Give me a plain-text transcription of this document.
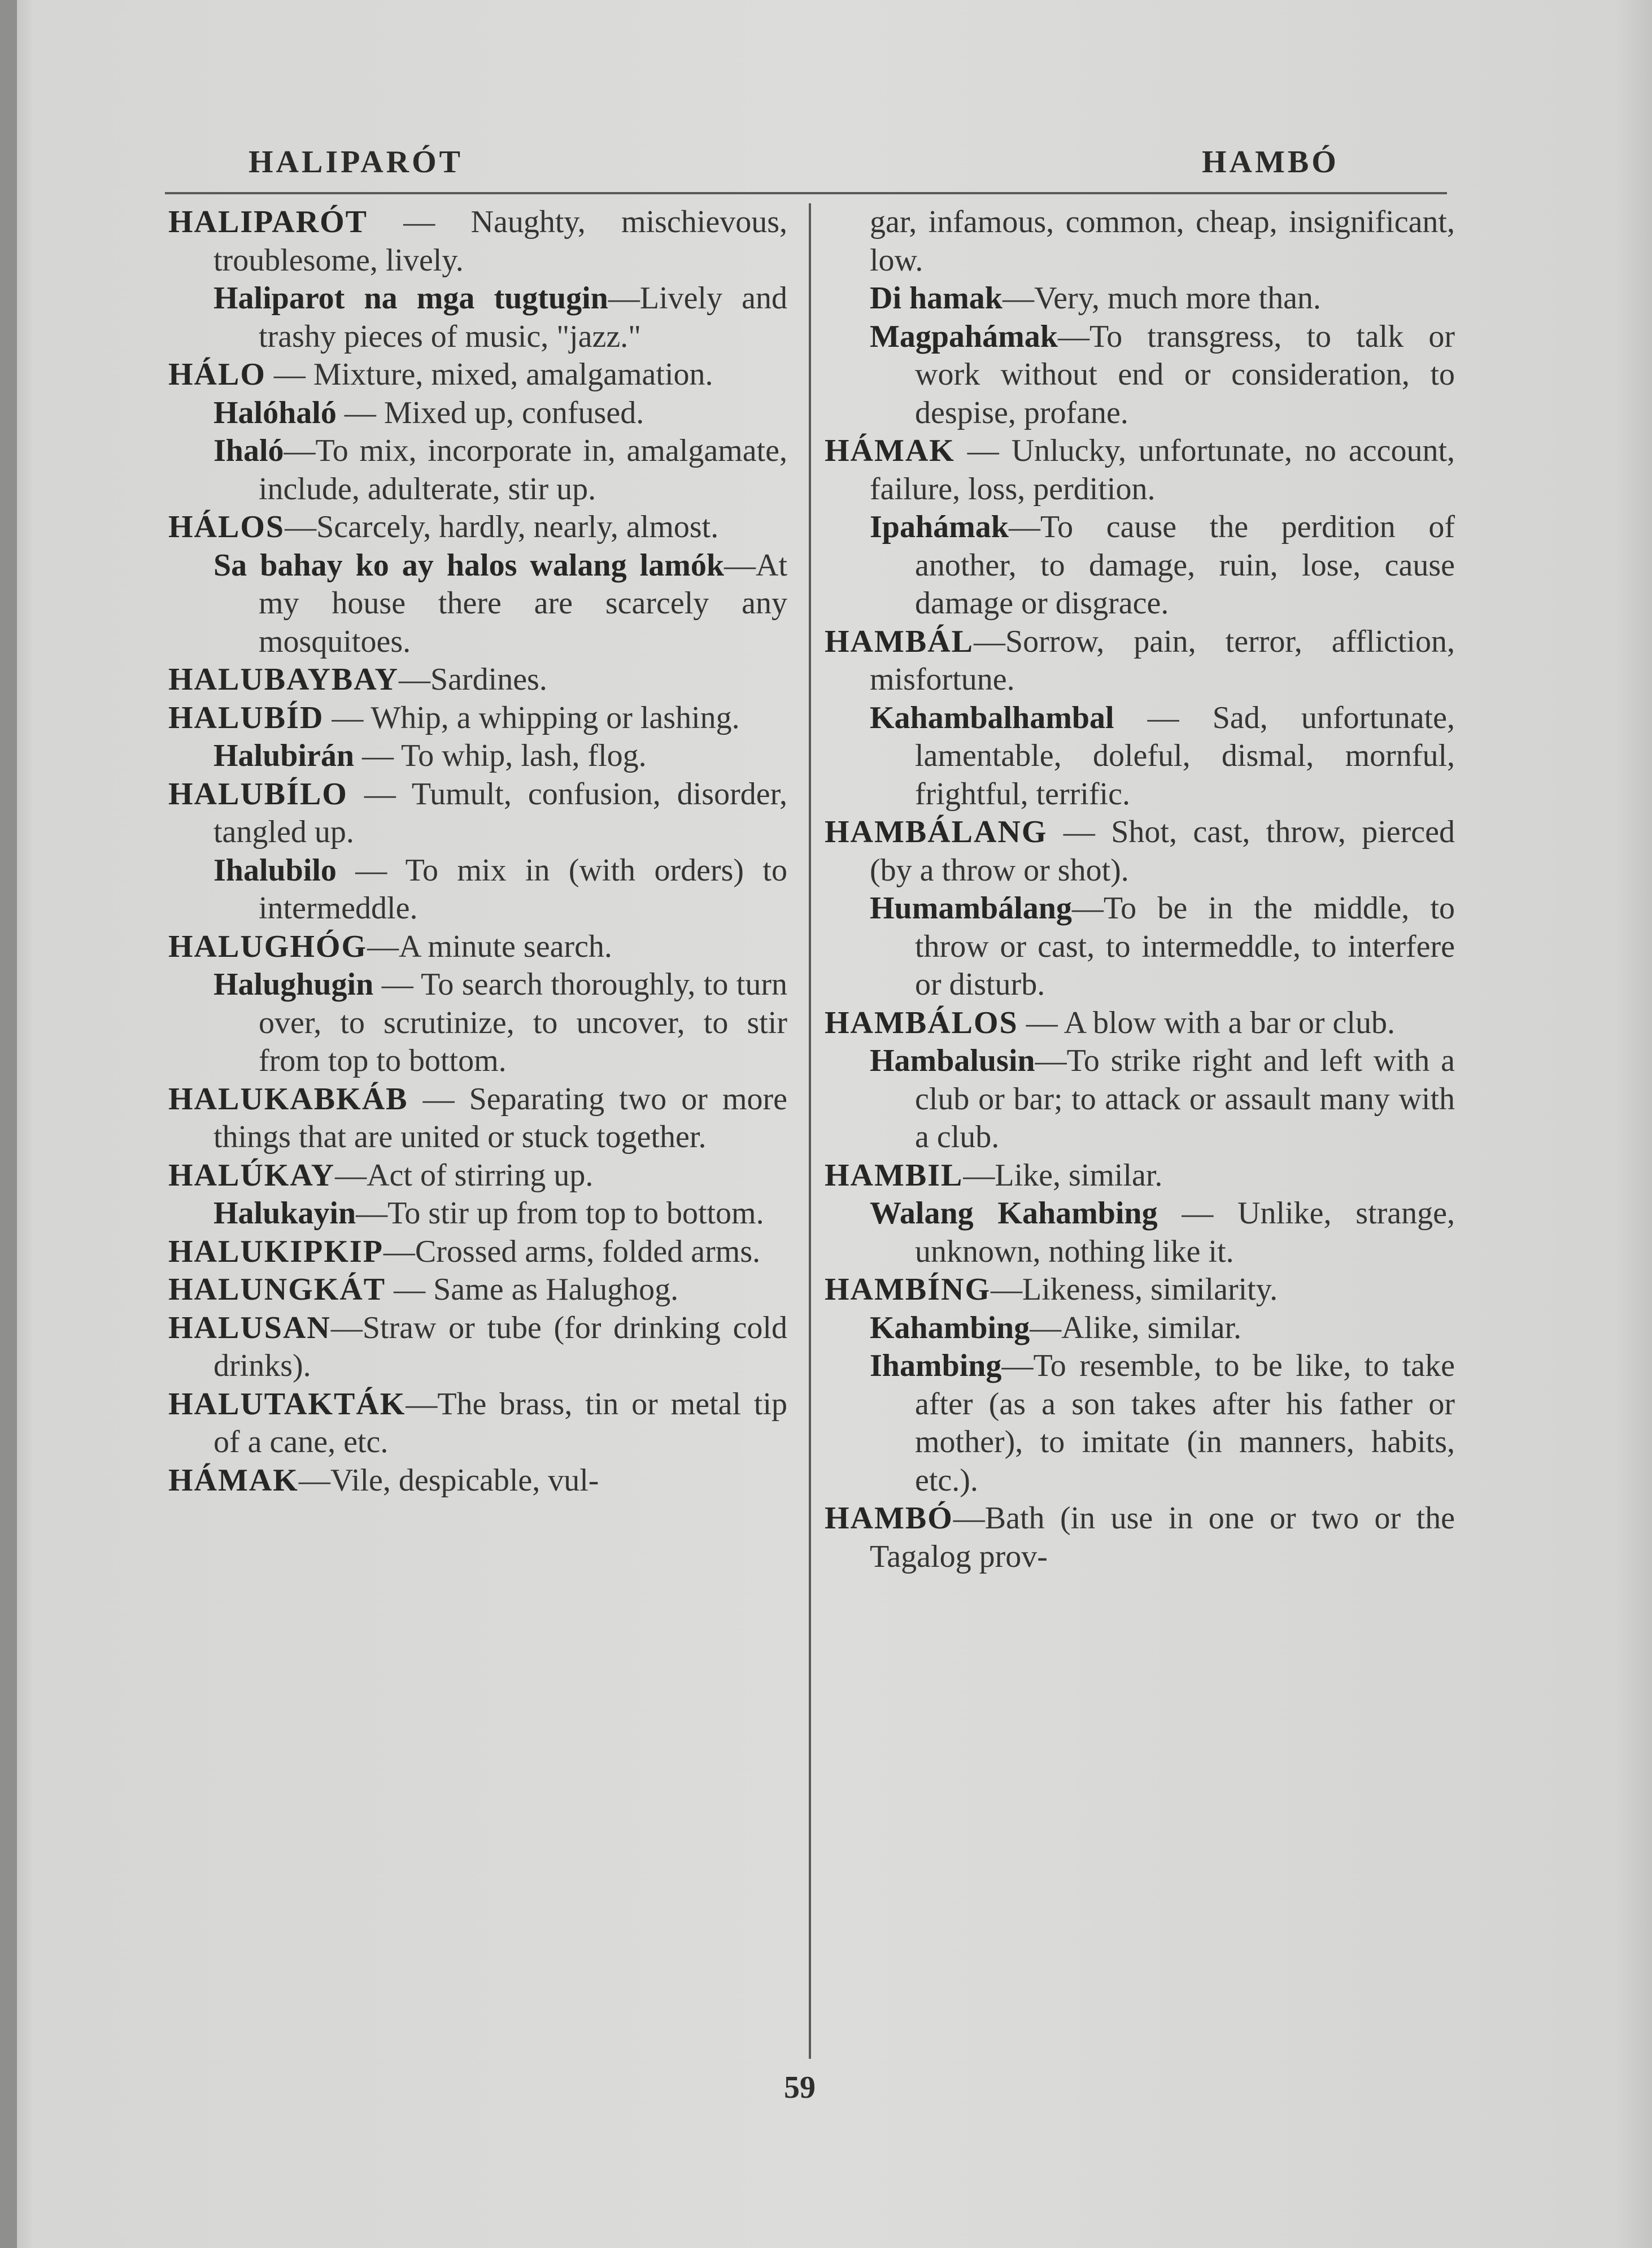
HALIPARÓT	HAMBÓ

HALIPARÓT — Naughty, mischievous, troublesome, lively.

Haliparot na mga tugtugin—Lively and trashy pieces of music, "jazz."

HÁLO — Mixture, mixed, amalgamation.

Halóhaló — Mixed up, confused.

Ihaló—To mix, incorporate in, amalgamate, include, adulterate, stir up.

HÁLOS—Scarcely, hardly, nearly, almost.

Sa bahay ko ay halos walang lamók—At my house there are scarcely any mosquitoes.

HALUBAYBAY—Sardines.

HALUBÍD — Whip, a whipping or lashing.

Halubirán — To whip, lash, flog.

HALUBÍLO — Tumult, confusion, disorder, tangled up.

Ihalubilo — To mix in (with orders) to intermeddle.

HALUGHÓG—A minute search.

Halughugin — To search thoroughly, to turn over, to scrutinize, to uncover, to stir from top to bottom.

HALUKABKÁB — Separating two or more things that are united or stuck together.

HALÚKAY—Act of stirring up.

Halukayin—To stir up from top to bottom.

HALUKIPKIP—Crossed arms, folded arms.

HALUNGKÁT — Same as Halughog.

HALUSAN—Straw or tube (for drinking cold drinks).

HALUTAKTÁK—The brass, tin or metal tip of a cane, etc.

HÁMAK—Vile, despicable, vul-

gar, infamous, common, cheap, insignificant, low.

Di hamak—Very, much more than.

Magpahámak—To transgress, to talk or work without end or consideration, to despise, profane.

HÁMAK — Unlucky, unfortunate, no account, failure, loss, perdition.

Ipahámak—To cause the perdition of another, to damage, ruin, lose, cause damage or disgrace.

HAMBÁL—Sorrow, pain, terror, affliction, misfortune.

Kahambalhambal — Sad, unfortunate, lamentable, doleful, dismal, mornful, frightful, terrific.

HAMBÁLANG — Shot, cast, throw, pierced (by a throw or shot).

Humambálang—To be in the middle, to throw or cast, to intermeddle, to interfere or disturb.

HAMBÁLOS — A blow with a bar or club.

Hambalusin—To strike right and left with a club or bar; to attack or assault many with a club.

HAMBIL—Like, similar.

Walang Kahambing — Unlike, strange, unknown, nothing like it.

HAMBÍNG—Likeness, similarity.

Kahambing—Alike, similar.

Ihambing—To resemble, to be like, to take after (as a son takes after his father or mother), to imitate (in manners, habits, etc.).

HAMBÓ—Bath (in use in one or two or the Tagalog prov-

59
